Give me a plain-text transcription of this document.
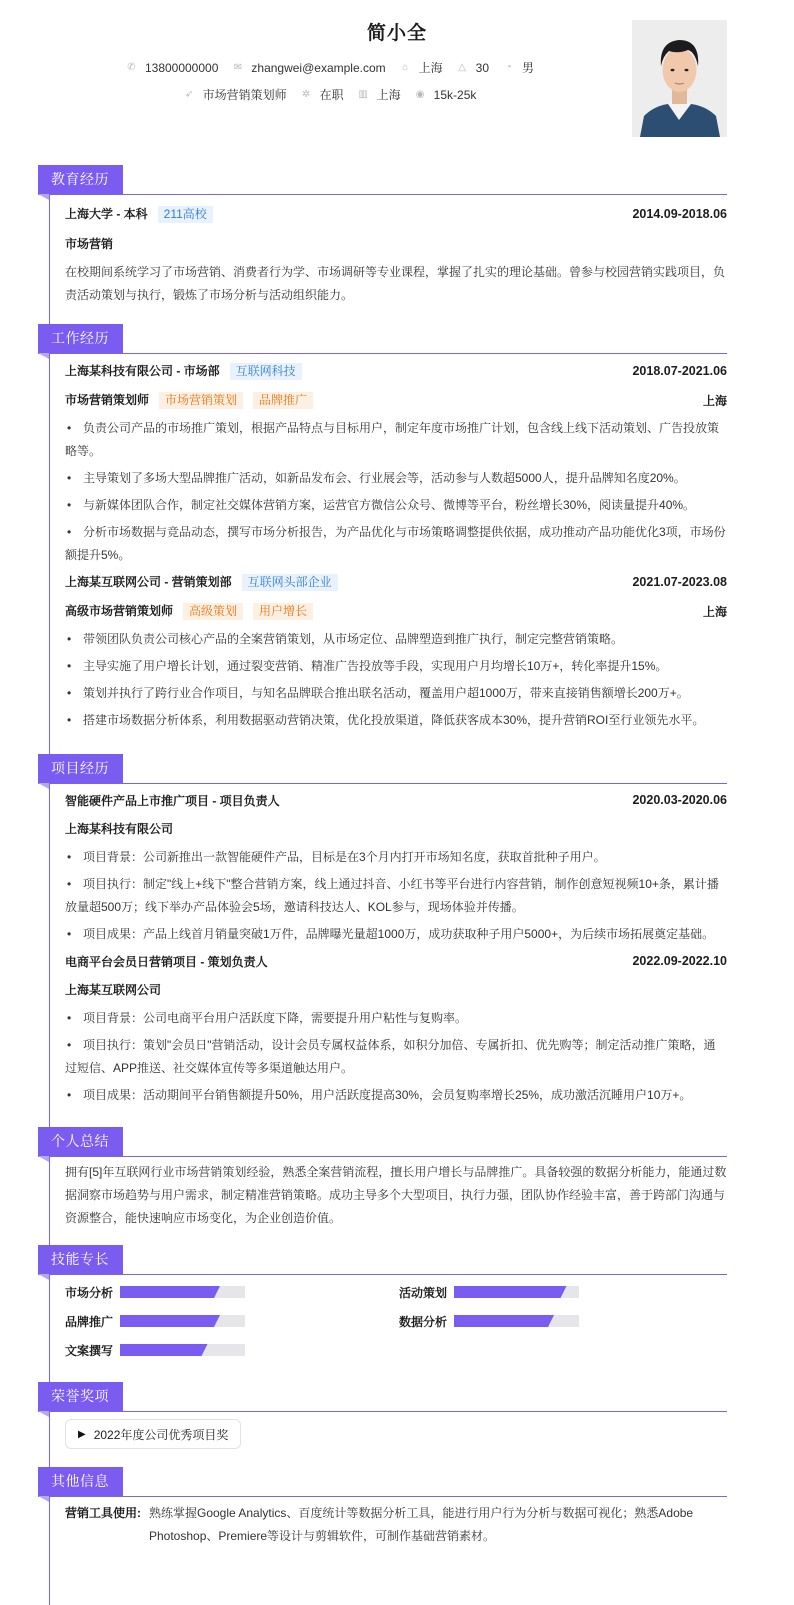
简小全
✆ 13800000000 ✉ zhangwei@example.com ⌂ 上海 △ 30 ◔ 男
➶ 市场营销策划师 ✲ 在职 ▥ 上海 ◉ 15k-25k
教育经历
上海大学 - 本科 211高校	2014.09-2018.06
市场营销
在校期间系统学习了市场营销、消费者行为学、市场调研等专业课程，掌握了扎实的理论基础。曾参与校园营销实践项目，负责活动策划与执行，锻炼了市场分析与活动组织能力。
工作经历
上海某科技有限公司 - 市场部 互联网科技	2018.07-2021.06
市场营销策划师 市场营销策划 品牌推广	上海
• 负责公司产品的市场推广策划，根据产品特点与目标用户，制定年度市场推广计划，包含线上线下活动策划、广告投放策略等。
• 主导策划了多场大型品牌推广活动，如新品发布会、行业展会等，活动参与人数超5000人，提升品牌知名度20%。
• 与新媒体团队合作，制定社交媒体营销方案，运营官方微信公众号、微博等平台，粉丝增长30%，阅读量提升40%。
• 分析市场数据与竞品动态，撰写市场分析报告，为产品优化与市场策略调整提供依据，成功推动产品功能优化3项，市场份额提升5%。
上海某互联网公司 - 营销策划部 互联网头部企业	2021.07-2023.08
高级市场营销策划师 高级策划 用户增长	上海
• 带领团队负责公司核心产品的全案营销策划，从市场定位、品牌塑造到推广执行，制定完整营销策略。
• 主导实施了用户增长计划，通过裂变营销、精准广告投放等手段，实现用户月均增长10万+，转化率提升15%。
• 策划并执行了跨行业合作项目，与知名品牌联合推出联名活动，覆盖用户超1000万，带来直接销售额增长200万+。
• 搭建市场数据分析体系，利用数据驱动营销决策，优化投放渠道，降低获客成本30%，提升营销ROI至行业领先水平。
项目经历
智能硬件产品上市推广项目 - 项目负责人	2020.03-2020.06
上海某科技有限公司
• 项目背景：公司新推出一款智能硬件产品，目标是在3个月内打开市场知名度，获取首批种子用户。
• 项目执行：制定"线上+线下"整合营销方案，线上通过抖音、小红书等平台进行内容营销，制作创意短视频10+条，累计播放量超500万；线下举办产品体验会5场，邀请科技达人、KOL参与，现场体验并传播。
• 项目成果：产品上线首月销量突破1万件，品牌曝光量超1000万，成功获取种子用户5000+，为后续市场拓展奠定基础。
电商平台会员日营销项目 - 策划负责人	2022.09-2022.10
上海某互联网公司
• 项目背景：公司电商平台用户活跃度下降，需要提升用户粘性与复购率。
• 项目执行：策划"会员日"营销活动，设计会员专属权益体系，如积分加倍、专属折扣、优先购等；制定活动推广策略，通过短信、APP推送、社交媒体宣传等多渠道触达用户。
• 项目成果：活动期间平台销售额提升50%，用户活跃度提高30%，会员复购率增长25%，成功激活沉睡用户10万+。
个人总结
拥有[5]年互联网行业市场营销策划经验，熟悉全案营销流程，擅长用户增长与品牌推广。具备较强的数据分析能力，能通过数据洞察市场趋势与用户需求，制定精准营销策略。成功主导多个大型项目，执行力强，团队协作经验丰富，善于跨部门沟通与资源整合，能快速响应市场变化，为企业创造价值。
技能专长
市场分析	活动策划
品牌推广	数据分析
文案撰写
荣誉奖项
▶ 2022年度公司优秀项目奖
其他信息
营销工具使用: 熟练掌握Google Analytics、百度统计等数据分析工具，能进行用户行为分析与数据可视化；熟悉Adobe Photoshop、Premiere等设计与剪辑软件，可制作基础营销素材。
